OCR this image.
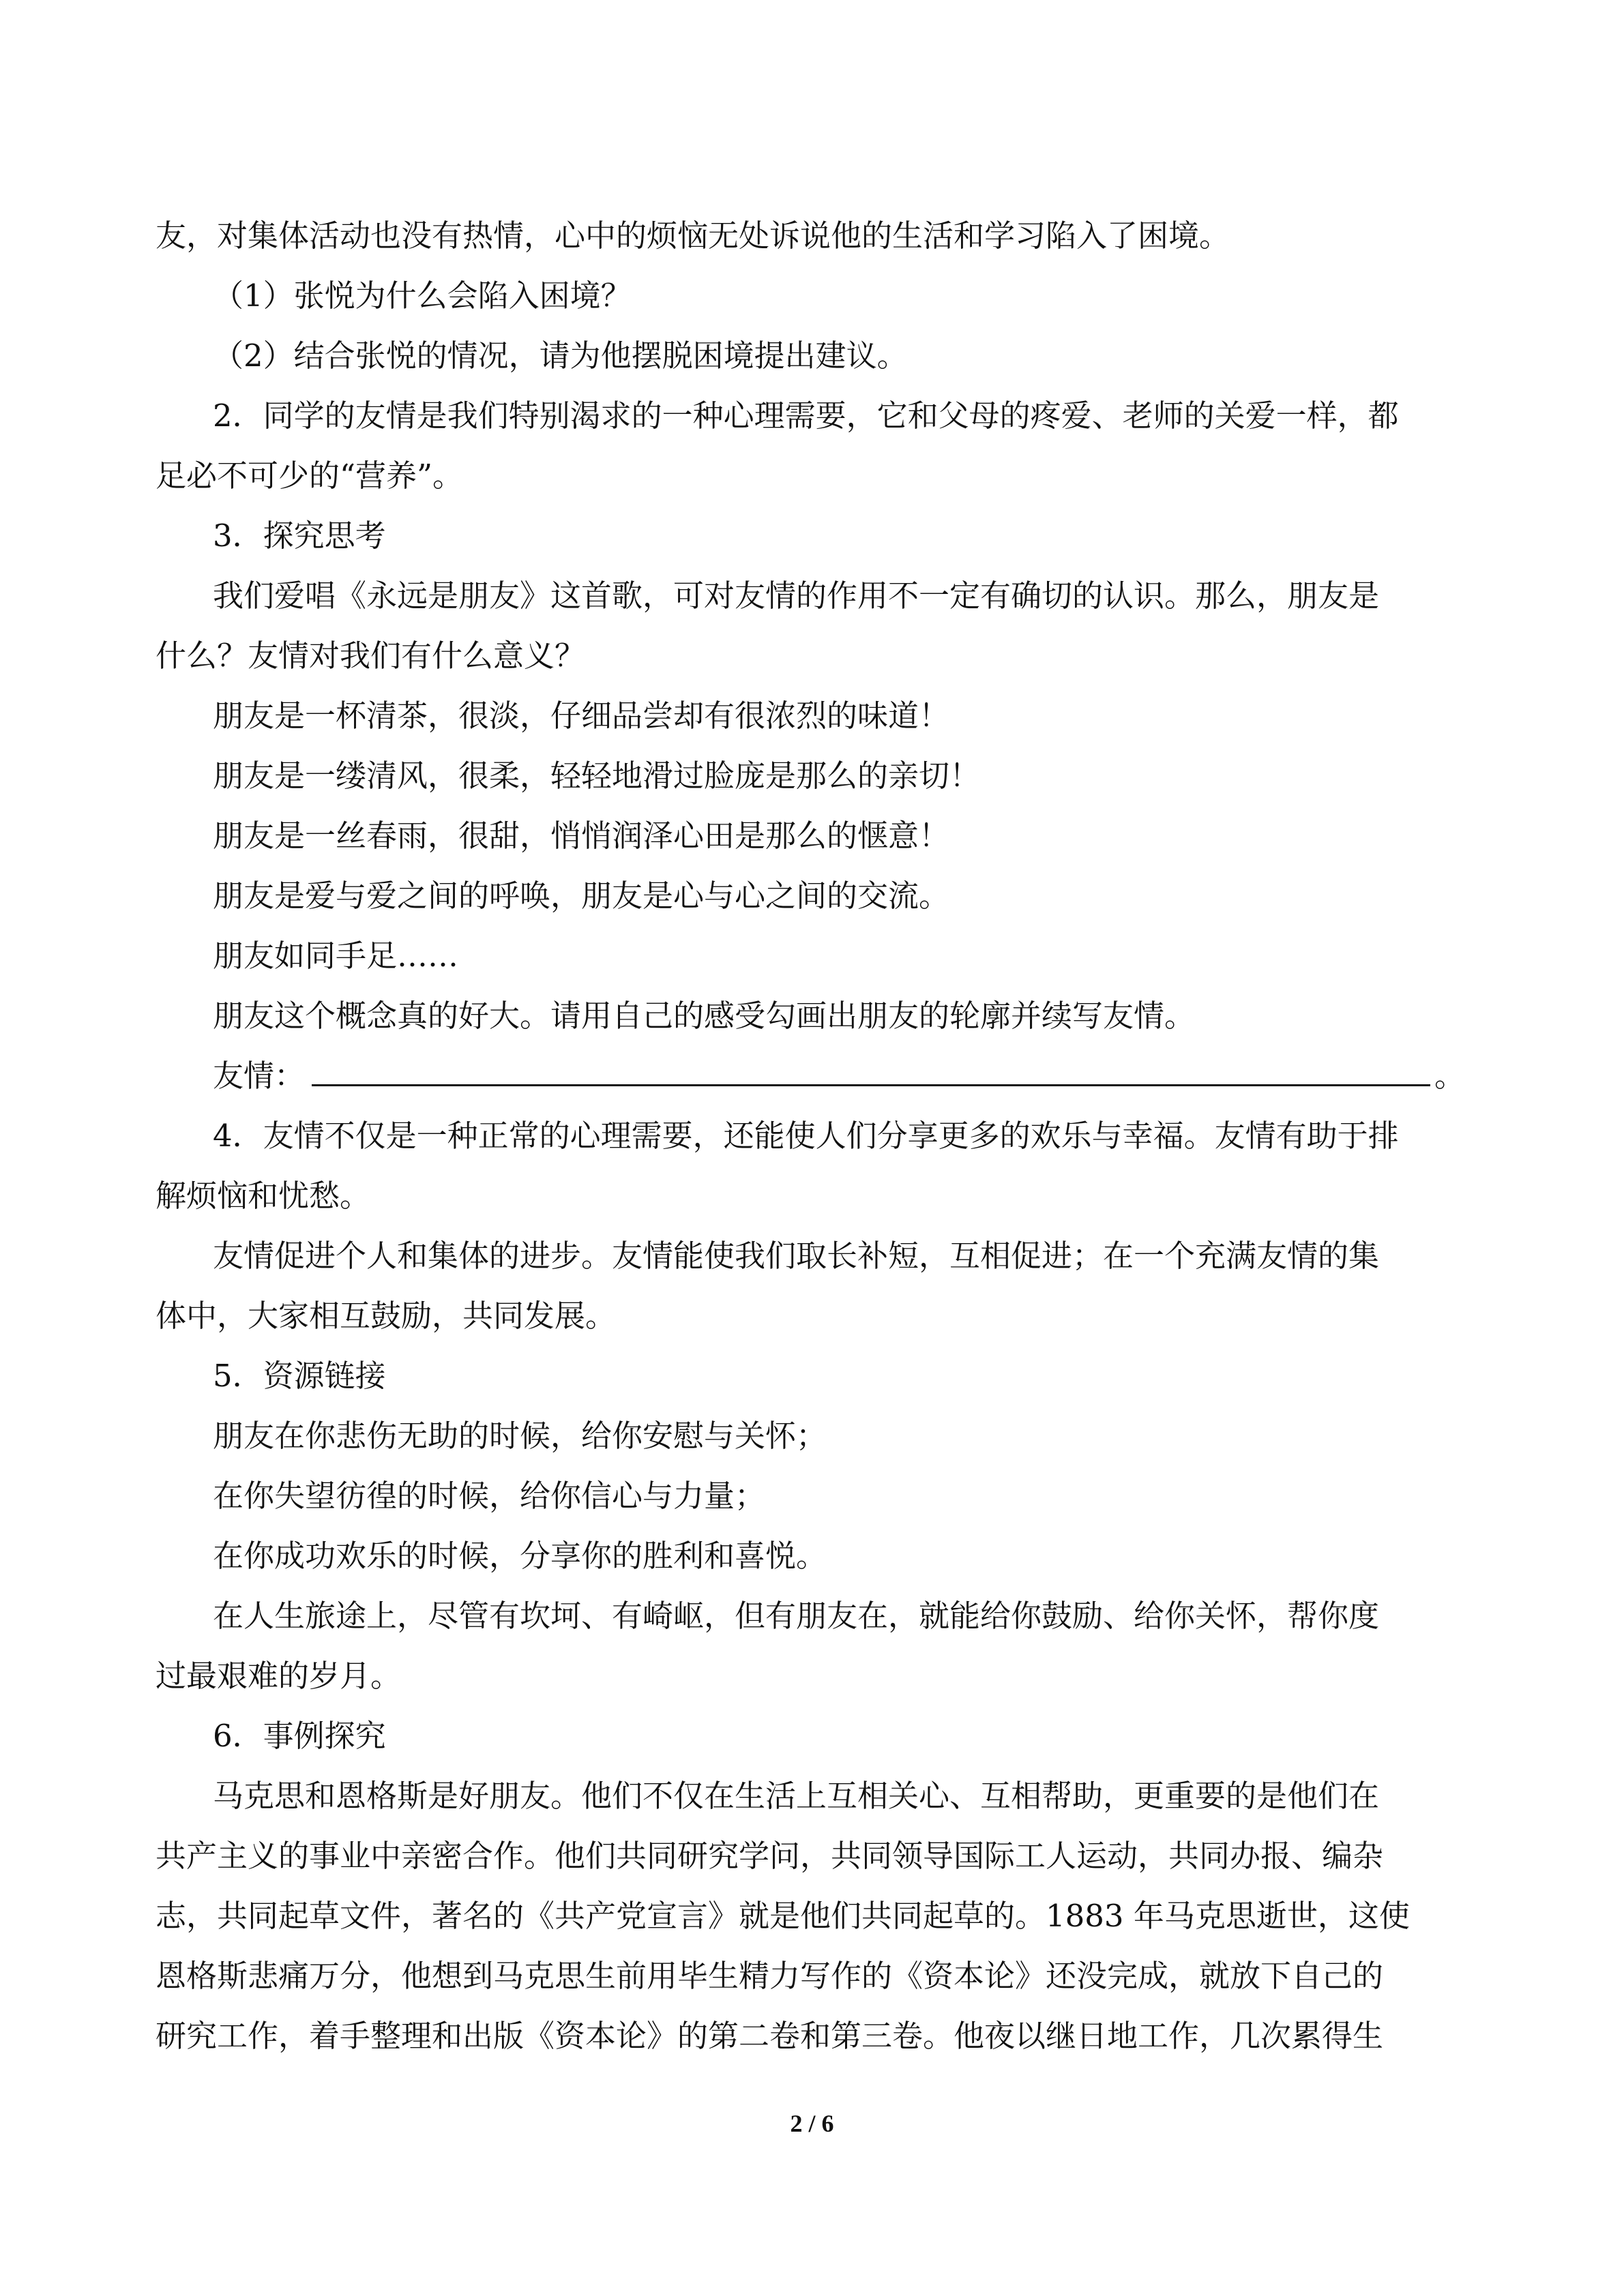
友，对集体活动也没有热情，心中的烦恼无处诉说他的生活和学习陷入了困境。
（1）张悦为什么会陷入困境？
（2）结合张悦的情况，请为他摆脱困境提出建议。
2．同学的友情是我们特别渴求的一种心理需要，它和父母的疼爱、老师的关爱一样，都
足必不可少的“营养”。
3．探究思考
我们爱唱《永远是朋友》这首歌，可对友情的作用不一定有确切的认识。那么，朋友是
什么？友情对我们有什么意义？
朋友是一杯清茶，很淡，仔细品尝却有很浓烈的味道！
朋友是一缕清风，很柔，轻轻地滑过脸庞是那么的亲切！
朋友是一丝春雨，很甜，悄悄润泽心田是那么的惬意！
朋友是爱与爱之间的呼唤，朋友是心与心之间的交流。
朋友如同手足……
朋友这个概念真的好大。请用自己的感受勾画出朋友的轮廓并续写友情。
友情：	。
4．友情不仅是一种正常的心理需要，还能使人们分享更多的欢乐与幸福。友情有助于排
解烦恼和忧愁。
友情促进个人和集体的进步。友情能使我们取长补短，互相促进；在一个充满友情的集
体中，大家相互鼓励，共同发展。
5．资源链接
朋友在你悲伤无助的时候，给你安慰与关怀；
在你失望彷徨的时候，给你信心与力量；
在你成功欢乐的时候，分享你的胜利和喜悦。
在人生旅途上，尽管有坎坷、有崎岖，但有朋友在，就能给你鼓励、给你关怀，帮你度
过最艰难的岁月。
6．事例探究
马克思和恩格斯是好朋友。他们不仅在生活上互相关心、互相帮助，更重要的是他们在
共产主义的事业中亲密合作。他们共同研究学问，共同领导国际工人运动，共同办报、编杂
志，共同起草文件，著名的《共产党宣言》就是他们共同起草的。1883 年马克思逝世，这使
恩格斯悲痛万分，他想到马克思生前用毕生精力写作的《资本论》还没完成，就放下自己的
研究工作，着手整理和出版《资本论》的第二卷和第三卷。他夜以继日地工作，几次累得生
2 / 6
